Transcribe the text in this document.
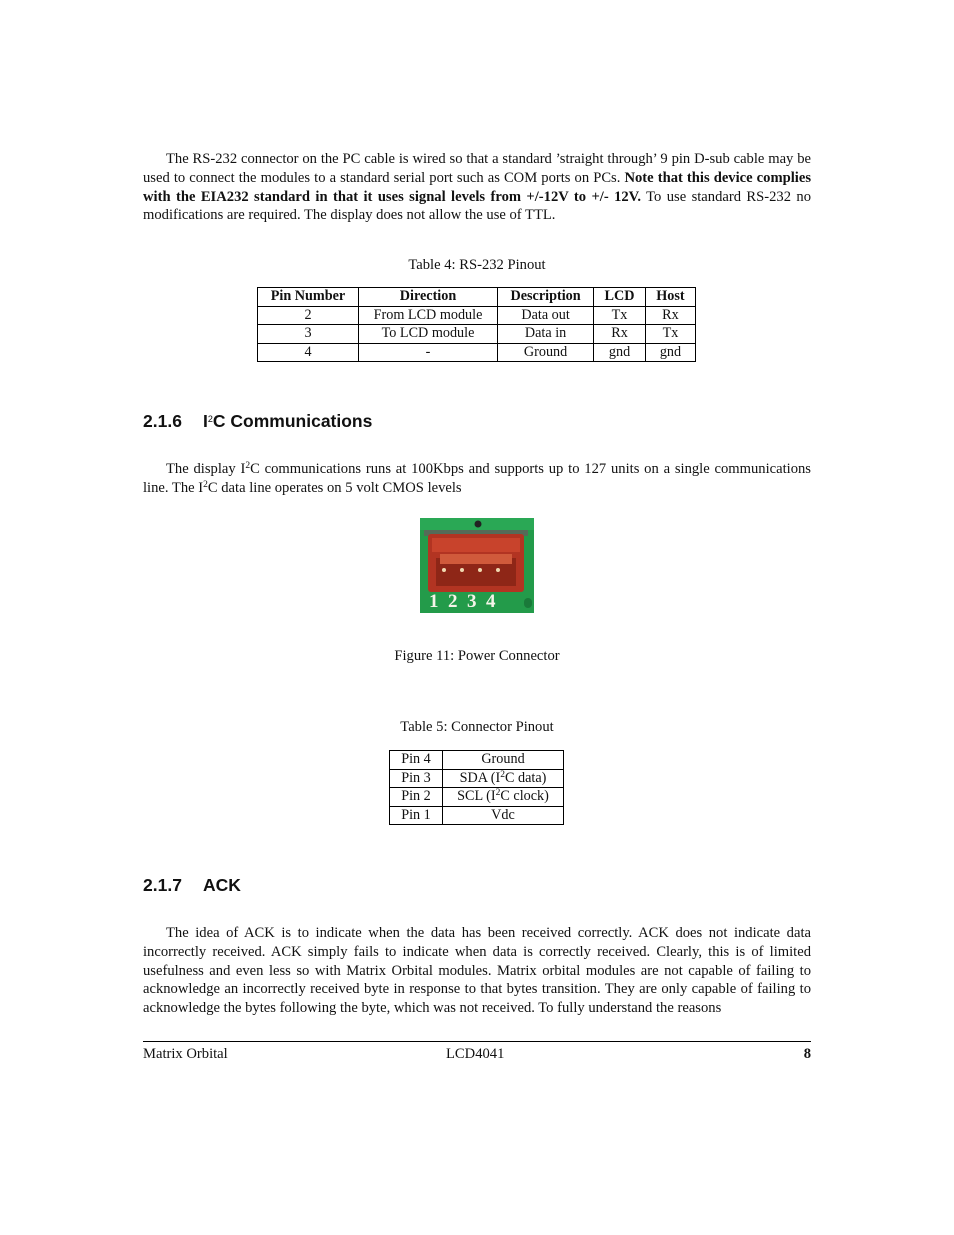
The RS-232 connector on the PC cable is wired so that a standard ’straight through’ 9 pin D-sub cable may be used to connect the modules to a standard serial port such as COM ports on PCs. Note that this device complies with the EIA232 standard in that it uses signal levels from +/-12V to +/- 12V. To use standard RS-232 no modifications are required. The display does not allow the use of TTL.

Table 4: RS-232 Pinout
Pin Number	Direction	Description	LCD	Host
2	From LCD module	Data out	Tx	Rx
3	To LCD module	Data in	Rx	Tx
4	-	Ground	gnd	gnd
2.1.6 $I^2C$ Communications

The display $I^2C$ communications runs at 100Kbps and supports up to 127 units on a single communications line. The $I^2C$ data line operates on 5 volt CMOS levels

1 2 3 4
Figure 11: Power Connector
Table 5: Connector Pinout
Pin 4	Ground
Pin 3	SDA ($I^2C$ data)
Pin 2	SCL ($I^2C$ clock)
Pin 1	Vdc
2.1.7 ACK

The idea of ACK is to indicate when the data has been received correctly. ACK does not indicate data incorrectly received. ACK simply fails to indicate when data is correctly received. Clearly, this is of limited usefulness and even less so with Matrix Orbital modules. Matrix orbital modules are not capable of failing to acknowledge an incorrectly received byte in response to that bytes transition. They are only capable of failing to acknowledge the bytes following the byte, which was not received. To fully understand the reasons

Matrix Orbital	LCD4041	8
